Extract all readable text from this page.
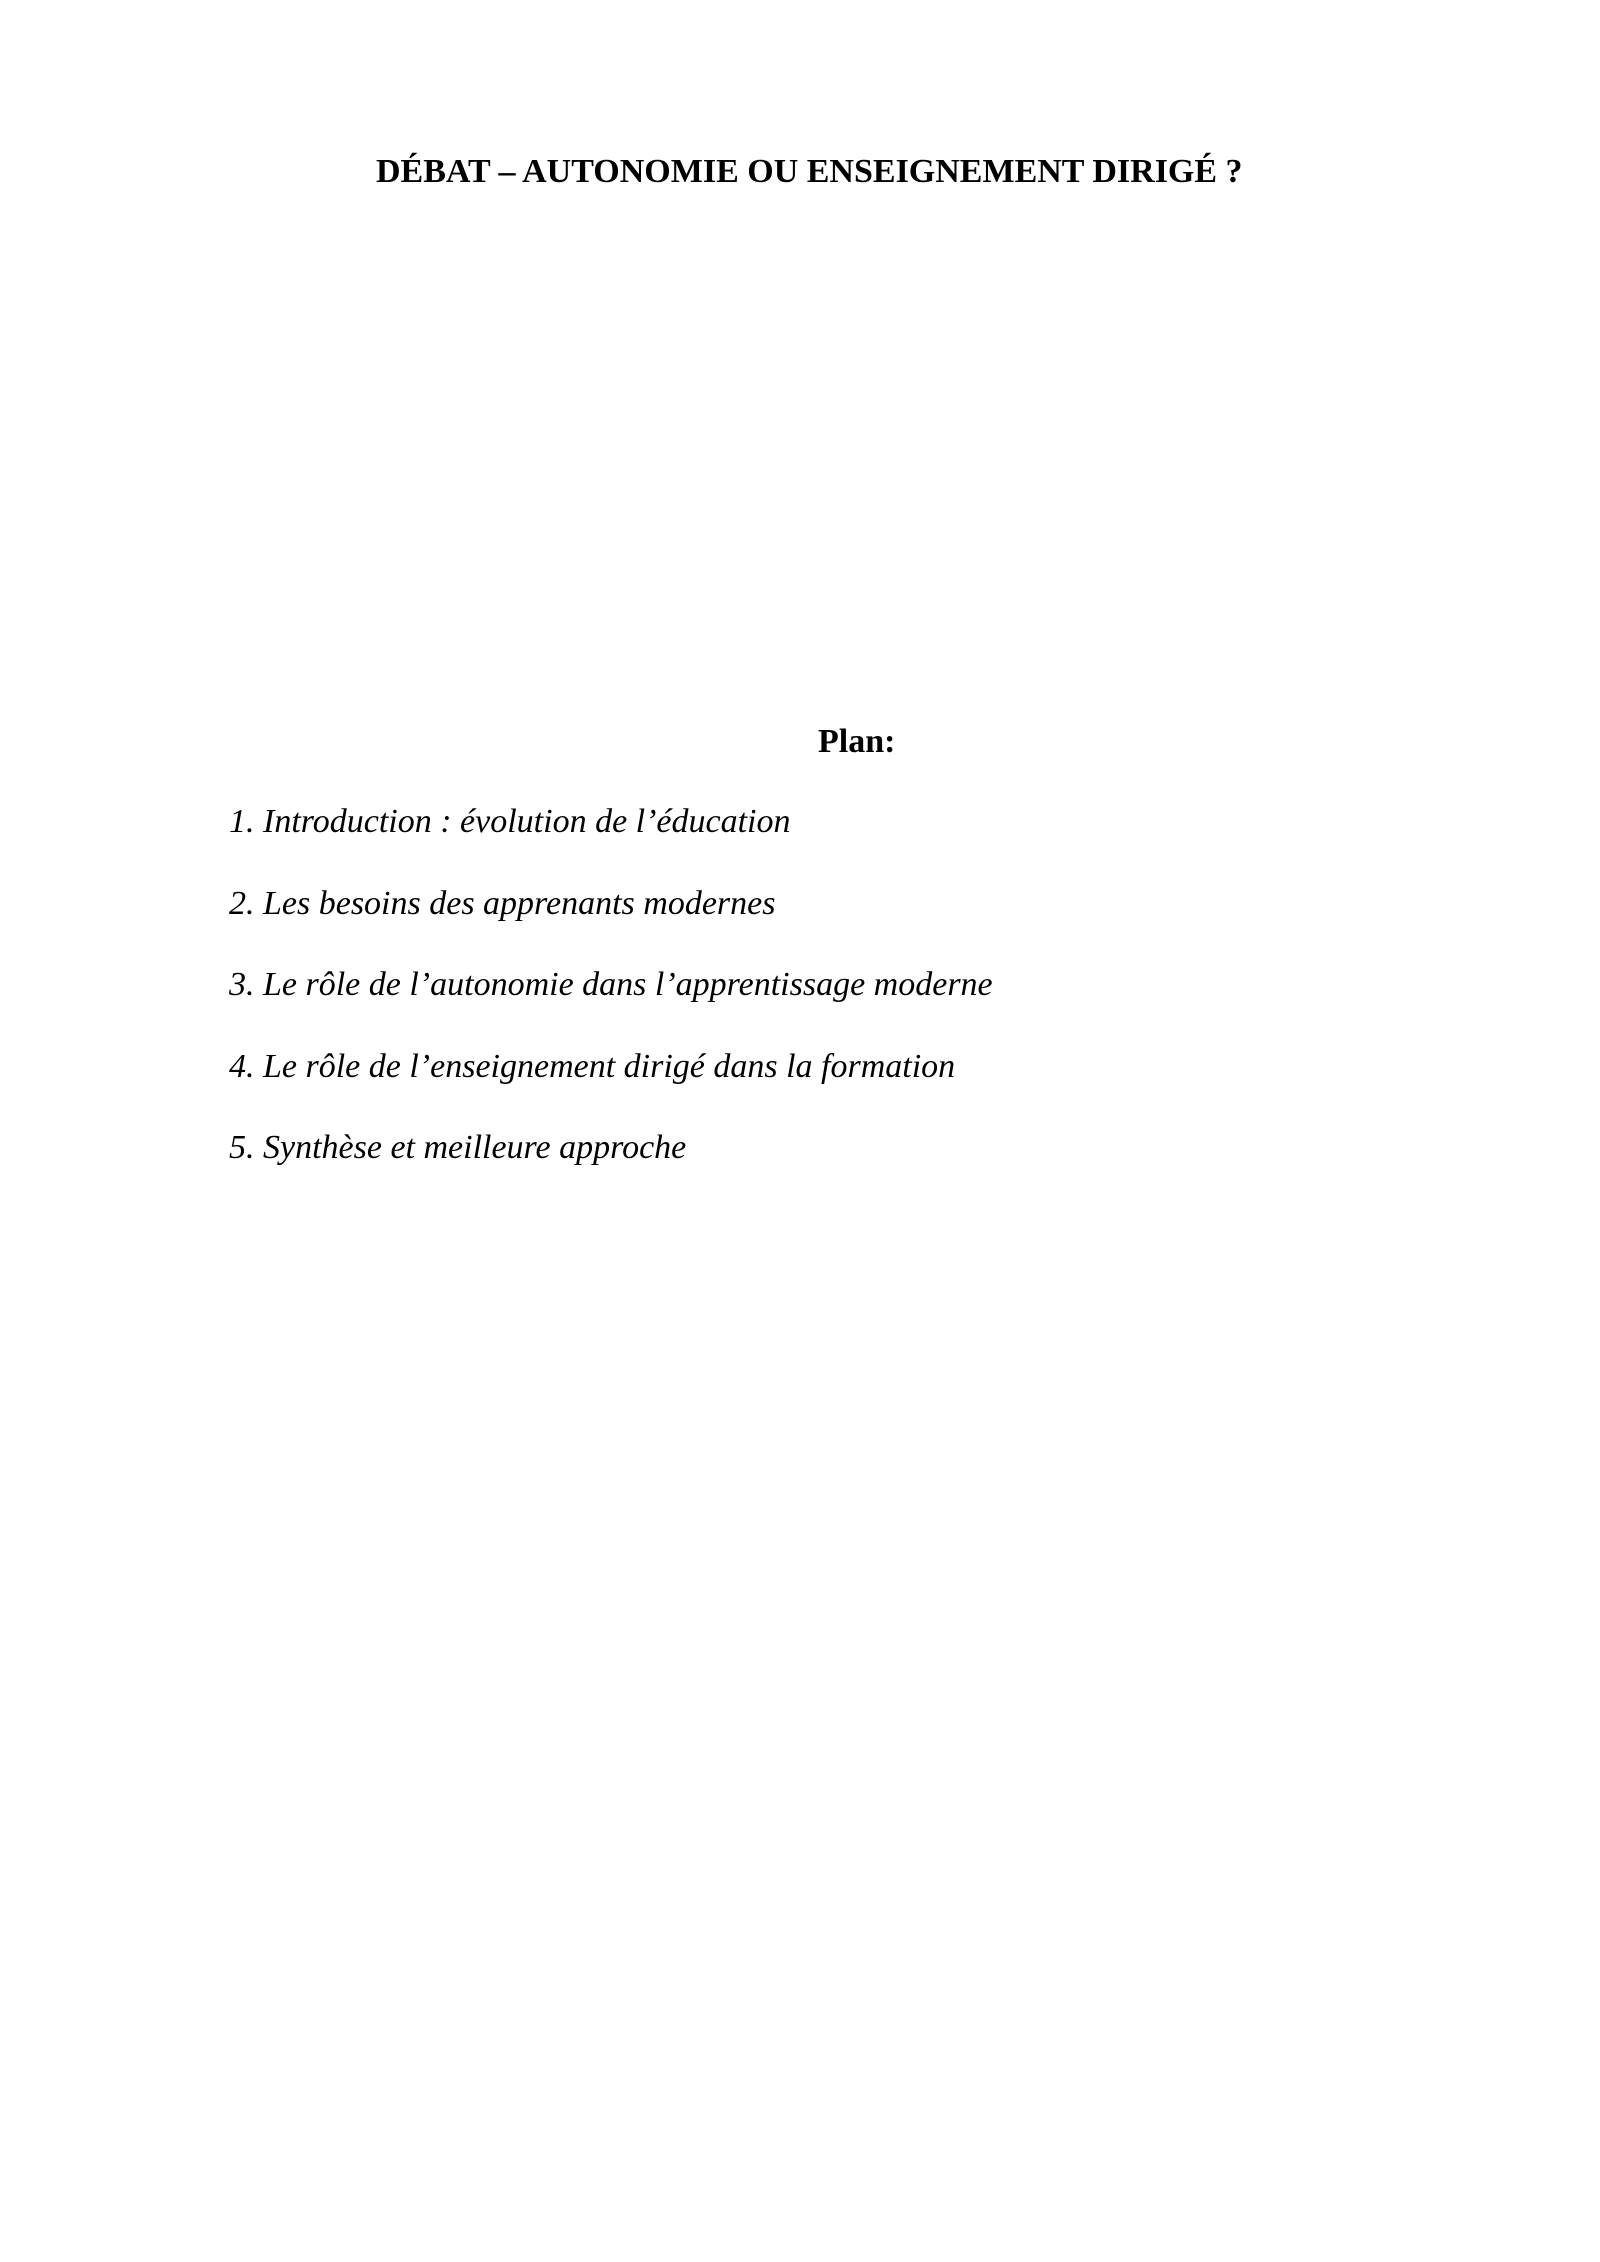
DÉBAT – AUTONOMIE OU ENSEIGNEMENT DIRIGÉ ?
Plan:
1. Introduction : évolution de l’éducation
2. Les besoins des apprenants modernes
3. Le rôle de l’autonomie dans l’apprentissage moderne
4. Le rôle de l’enseignement dirigé dans la formation
5. Synthèse et meilleure approche
